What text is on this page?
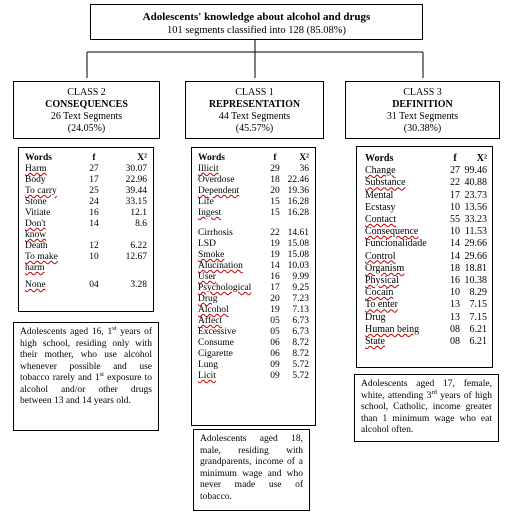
Adolescents' knowledge about alcohol and drugs
101 segments classified into 128 (85.08%)
CLASS 2
CONSEQUENCES
26 Text Segments
(24.05%)
Words	f	X²
Harm	27	30.07
Body	17	22.96
To carry	25	39.44
Stone	24	33.15
Vitiate	16	12.1
Don't know	14	8.6
Death	12	6.22
To make harm	10	12.67
None	04	3.28
Adolescents aged 16, 1st years of high school, residing only with their mother, who use alcohol whenever possible and use tobacco rarely and 1st exposure to alcohol and/or other drugs between 13 and 14 years old.
CLASS 1
REPRESENTATION
44 Text Segments
(45.57%)
Words	f	X²
Illicit	29	36
Overdose	18	22.46
Dependent	20	19.36
Life	15	16.28
Ingest	15	16.28

Cirrhosis	22	14.61
LSD	19	15.08
Smoke	19	15.08
Alucination	14	10.03
User	16	9.99
Psychological	17	9.25
Drug	20	7.23
Alcohol	19	7.13
Affect	05	6.73
Excessive	05	6.73
Consume	06	8.72
Cigarette	06	8.72
Lung	09	5.72
Licit	09	5.72
Adolescents aged 18, male, residing with grandparents, income of a minimum wage and who never made use of tobacco.
CLASS 3
DEFINITION
31 Text Segments
(30.38%)
Words	f	X²
Change	27	99.46
Substance	22	40.88
Mental	17	23.73
Ecstasy	10	13.56
Contact	55	33.23
Consequence	10	11.53
Funcionalidade	14	29.66
Control	14	29.66
Organism	18	18.81
Physical	16	10.38
Cocain	10	8.29
To enter	13	7.15
Drug	13	7.15
Human being	08	6.21
State	08	6.21
Adolescents aged 17, female, white, attending 3rd years of high school, Catholic, income greater than 1 minimum wage who eat alcohol often.
